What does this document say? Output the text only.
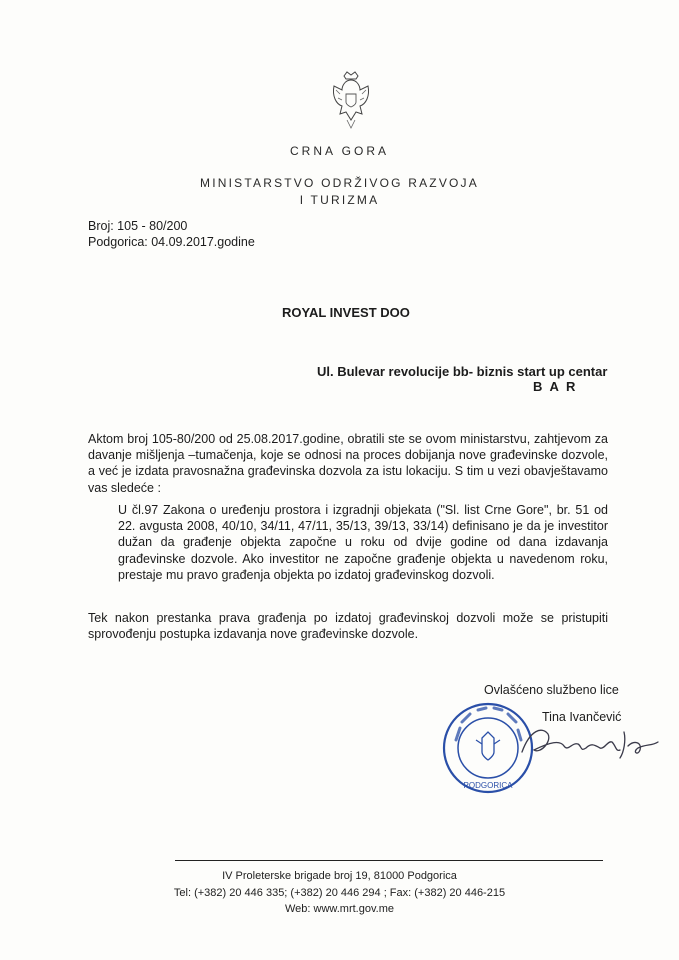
CRNA GORA
MINISTARSTVO ODRŽIVOG RAZVOJA
I TURIZMA
Broj: 105 - 80/200
Podgorica: 04.09.2017.godine
ROYAL INVEST DOO
Ul. Bulevar revolucije bb- biznis start up centar
B A R
Aktom broj 105-80/200 od 25.08.2017.godine, obratili ste se ovom ministarstvu, zahtjevom za davanje mišljenja –tumačenja, koje se odnosi na proces dobijanja nove građevinske dozvole, a već je izdata pravosnažna građevinska dozvola za istu lokaciju. S tim u vezi obavještavamo vas sledeće :
U čl.97 Zakona o uređenju prostora i izgradnji objekata ("Sl. list Crne Gore", br. 51 od 22. avgusta 2008, 40/10, 34/11, 47/11, 35/13, 39/13, 33/14) definisano je da je investitor dužan da građenje objekta započne u roku od dvije godine od dana izdavanja građevinske dozvole. Ako investitor ne započne građenje objekta u navedenom roku, prestaje mu pravo građenja objekta po izdatoj građevinskog dozvoli.
Tek nakon prestanka prava građenja po izdatoj građevinskoj dozvoli može se pristupiti sprovođenju postupka izdavanja nove građevinske dozvole.
Ovlašćeno službeno lice
Tina Ivančević
PODGORICA
IV Proleterske brigade broj 19, 81000 Podgorica
Tel: (+382) 20 446 335; (+382) 20 446 294 ; Fax: (+382) 20 446-215
Web: www.mrt.gov.me
